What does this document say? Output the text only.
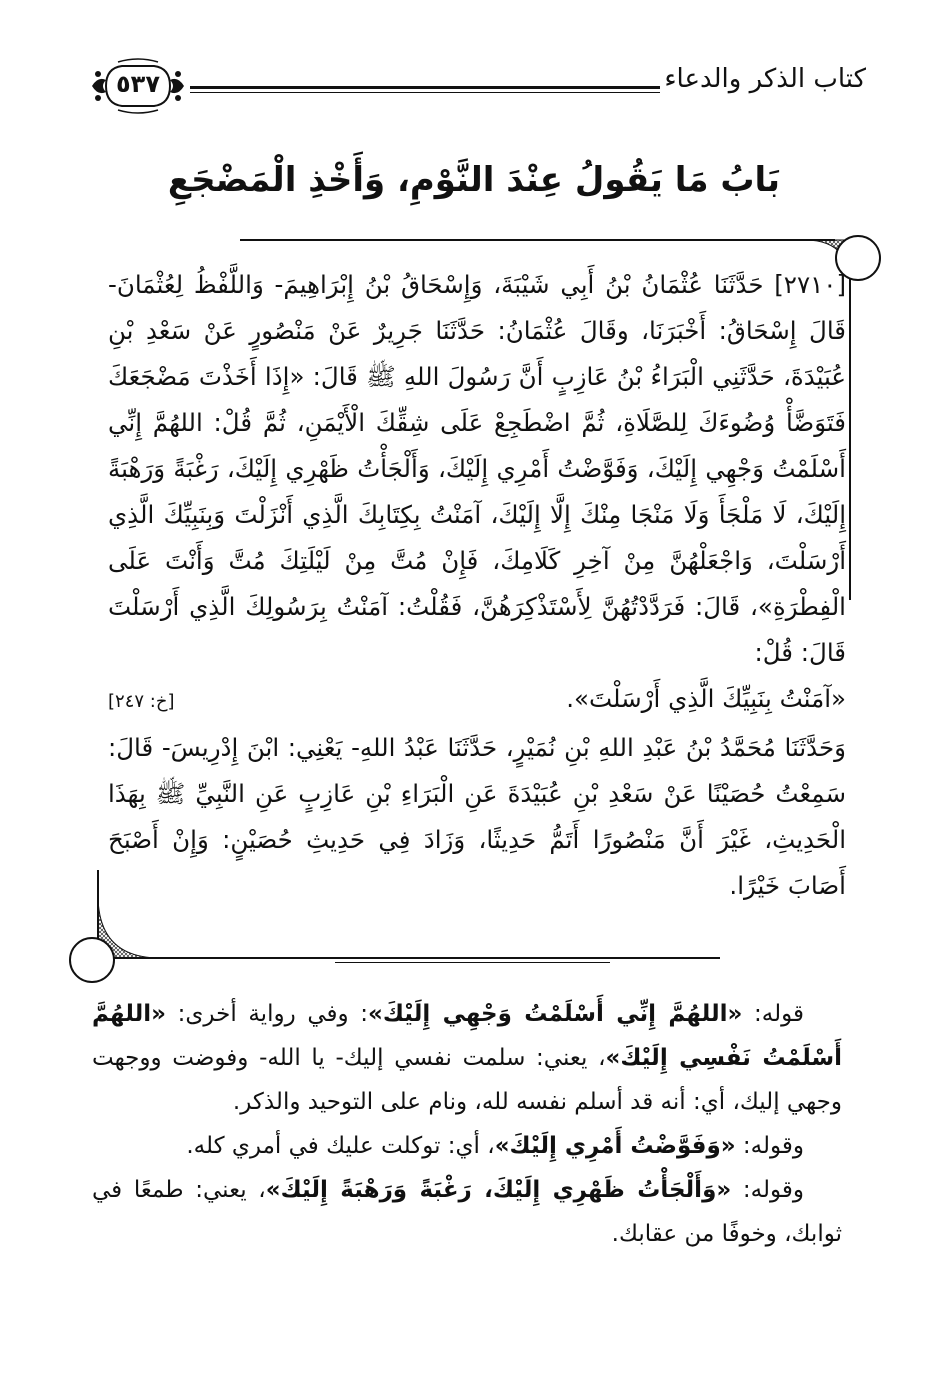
كتاب الذكر والدعاء
٥٣٧
بَابُ مَا يَقُولُ عِنْدَ النَّوْمِ، وَأَخْذِ الْمَضْجَعِ

[٢٧١٠] حَدَّثَنَا عُثْمَانُ بْنُ أَبِي شَيْبَةَ، وَإِسْحَاقُ بْنُ إِبْرَاهِيمَ- وَاللَّفْظُ لِعُثْمَانَ- قَالَ إِسْحَاقُ: أَخْبَرَنَا، وقَالَ عُثْمَانُ: حَدَّثَنَا جَرِيرٌ عَنْ مَنْصُورٍ عَنْ سَعْدِ بْنِ عُبَيْدَةَ، حَدَّثَنِي الْبَرَاءُ بْنُ عَازِبٍ أَنَّ رَسُولَ اللهِ ﷺ قَالَ: «إِذَا أَخَذْتَ مَضْجَعَكَ فَتَوَضَّأْ وُضُوءَكَ لِلصَّلَاةِ، ثُمَّ اضْطَجِعْ عَلَى شِقِّكَ الْأَيْمَنِ، ثُمَّ قُلْ: اللهُمَّ إِنِّي أَسْلَمْتُ وَجْهِي إِلَيْكَ، وَفَوَّضْتُ أَمْرِي إِلَيْكَ، وَأَلْجَأْتُ ظَهْرِي إِلَيْكَ، رَغْبَةً وَرَهْبَةً إِلَيْكَ، لَا مَلْجَأَ وَلَا مَنْجَا مِنْكَ إِلَّا إِلَيْكَ، آمَنْتُ بِكِتَابِكَ الَّذِي أَنْزَلْتَ وَبِنَبِيِّكَ الَّذِي أَرْسَلْتَ، وَاجْعَلْهُنَّ مِنْ آخِرِ كَلَامِكَ، فَإِنْ مُتَّ مِنْ لَيْلَتِكَ مُتَّ وَأَنْتَ عَلَى الْفِطْرَةِ»، قَالَ: فَرَدَّدْتُهُنَّ لِأَسْتَذْكِرَهُنَّ، فَقُلْتُ: آمَنْتُ بِرَسُولِكَ الَّذِي أَرْسَلْتَ قَالَ: قُلْ:

«آمَنْتُ بِنَبِيِّكَ الَّذِي أَرْسَلْتَ».
[خ: ٢٤٧]

وَحَدَّثَنَا مُحَمَّدُ بْنُ عَبْدِ اللهِ بْنِ نُمَيْرٍ، حَدَّثَنَا عَبْدُ اللهِ- يَعْنِي: ابْنَ إِدْرِيسَ- قَالَ: سَمِعْتُ حُصَيْنًا عَنْ سَعْدِ بْنِ عُبَيْدَةَ عَنِ الْبَرَاءِ بْنِ عَازِبٍ عَنِ النَّبِيِّ ﷺ بِهَذَا الْحَدِيثِ، غَيْرَ أَنَّ مَنْصُورًا أَتَمُّ حَدِيثًا، وَزَادَ فِي حَدِيثِ حُصَيْنٍ: وَإِنْ أَصْبَحَ أَصَابَ خَيْرًا.

قوله: «اللهُمَّ إِنِّي أَسْلَمْتُ وَجْهِي إِلَيْكَ»: وفي رواية أخرى: «اللهُمَّ أَسْلَمْتُ نَفْسِي إِلَيْكَ»، يعني: سلمت نفسي إليك- يا الله- وفوضت ووجهت وجهي إليك، أي: أنه قد أسلم نفسه لله، ونام على التوحيد والذكر.

وقوله: «وَفَوَّضْتُ أَمْرِي إِلَيْكَ»، أي: توكلت عليك في أمري كله.

وقوله: «وَأَلْجَأْتُ ظَهْرِي إِلَيْكَ، رَغْبَةً وَرَهْبَةً إِلَيْكَ»، يعني: طمعًا في ثوابك، وخوفًا من عقابك.
